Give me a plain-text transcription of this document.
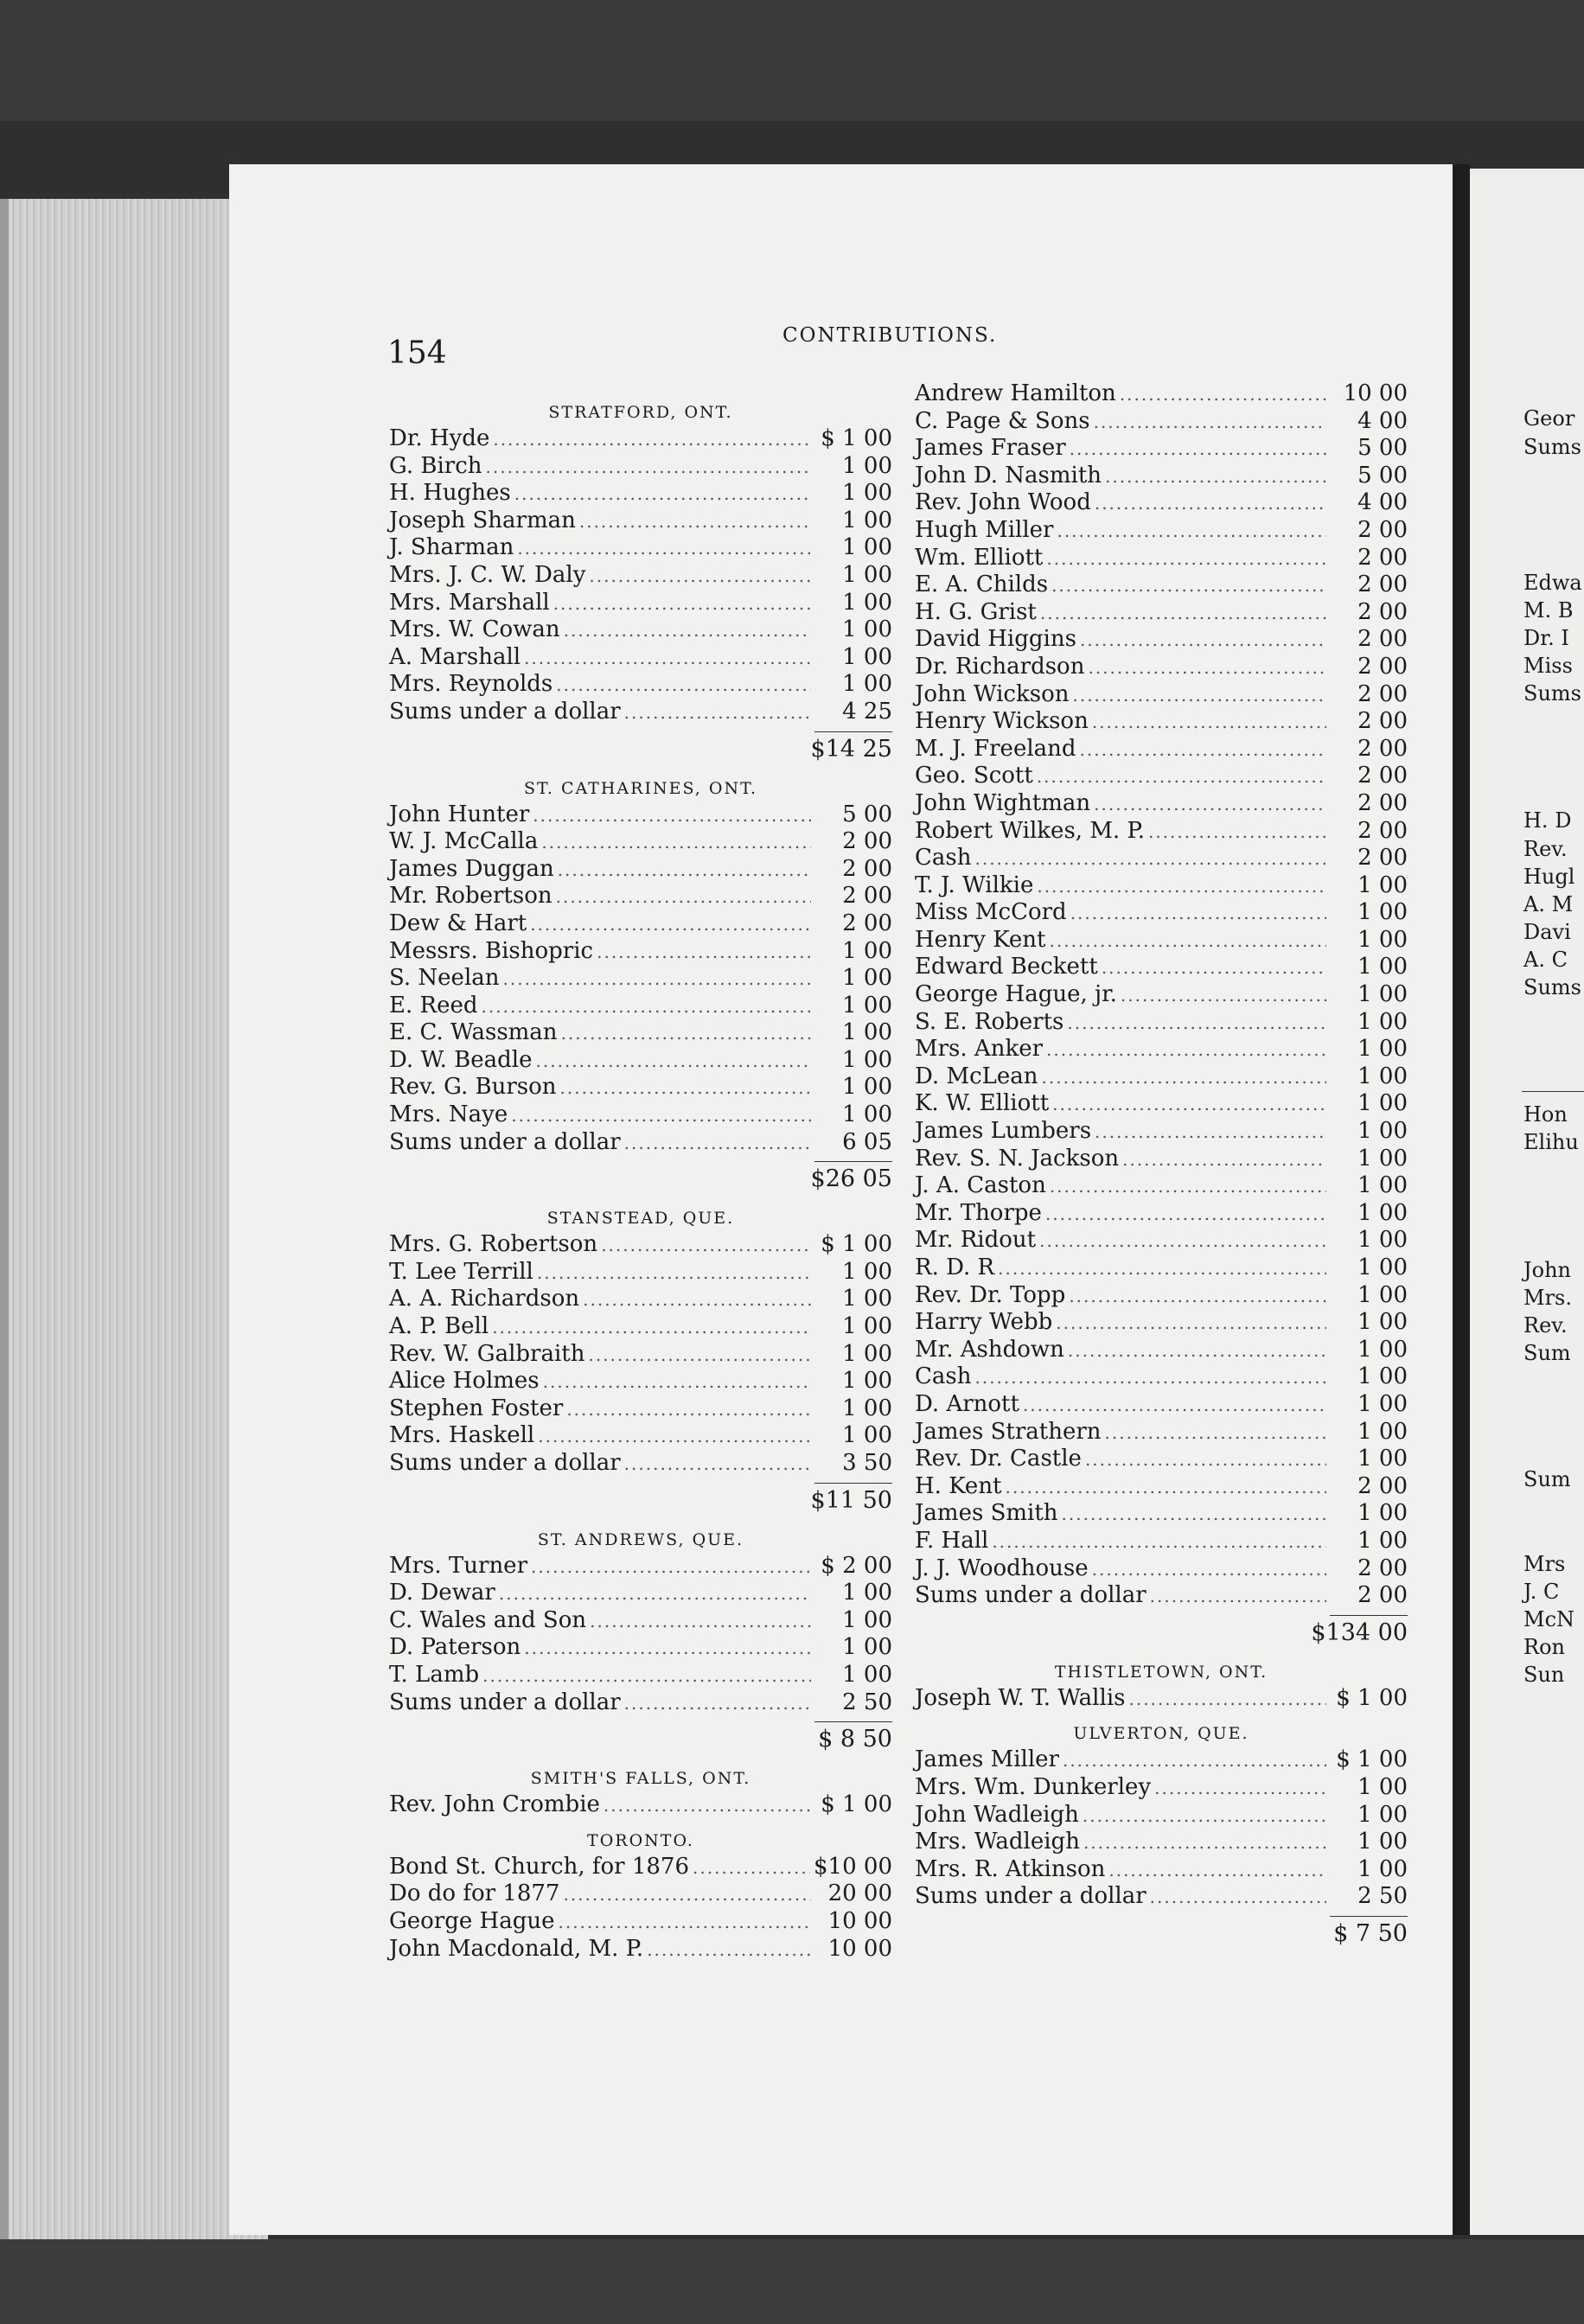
154	CONTRIBUTIONS.
STRATFORD, ONT.
Dr. Hyde .....	$ 1 00
G. Birch .....	1 00
H. Hughes .....	1 00
Joseph Sharman .....	1 00
J. Sharman .....	1 00
Mrs. J. C. W. Daly .....	1 00
Mrs. Marshall .....	1 00
Mrs. W. Cowan .....	1 00
A. Marshall .....	1 00
Mrs. Reynolds .....	1 00
Sums under a dollar .....	4 25
$14 25
ST. CATHARINES, ONT.
John Hunter .....	5 00
W. J. McCalla .....	2 00
James Duggan .....	2 00
Mr. Robertson .....	2 00
Dew & Hart .....	2 00
Messrs. Bishopric .....	1 00
S. Neelan .....	1 00
E. Reed .....	1 00
E. C. Wassman .....	1 00
D. W. Beadle .....	1 00
Rev. G. Burson .....	1 00
Mrs. Naye .....	1 00
Sums under a dollar .....	6 05
$26 05
STANSTEAD, QUE.
Mrs. G. Robertson .....	$ 1 00
T. Lee Terrill .....	1 00
A. A. Richardson .....	1 00
A. P. Bell .....	1 00
Rev. W. Galbraith .....	1 00
Alice Holmes .....	1 00
Stephen Foster .....	1 00
Mrs. Haskell .....	1 00
Sums under a dollar .....	3 50
$11 50
ST. ANDREWS, QUE.
Mrs. Turner .....	$ 2 00
D. Dewar .....	1 00
C. Wales and Son .....	1 00
D. Paterson .....	1 00
T. Lamb .....	1 00
Sums under a dollar .....	2 50
$ 8 50
SMITH'S FALLS, ONT.
Rev. John Crombie .....	$ 1 00
TORONTO.
Bond St. Church, for 1876 .....	$10 00
Do do for 1877 .....	20 00
George Hague .....	10 00
John Macdonald, M. P. .....	10 00
Andrew Hamilton .....	10 00
C. Page & Sons .....	4 00
James Fraser .....	5 00
John D. Nasmith .....	5 00
Rev. John Wood .....	4 00
Hugh Miller .....	2 00
Wm. Elliott .....	2 00
E. A. Childs .....	2 00
H. G. Grist .....	2 00
David Higgins .....	2 00
Dr. Richardson .....	2 00
John Wickson .....	2 00
Henry Wickson .....	2 00
M. J. Freeland .....	2 00
Geo. Scott .....	2 00
John Wightman .....	2 00
Robert Wilkes, M. P. .....	2 00
Cash .....	2 00
T. J. Wilkie .....	1 00
Miss McCord .....	1 00
Henry Kent .....	1 00
Edward Beckett .....	1 00
George Hague, jr. .....	1 00
S. E. Roberts .....	1 00
Mrs. Anker .....	1 00
D. McLean .....	1 00
K. W. Elliott .....	1 00
James Lumbers .....	1 00
Rev. S. N. Jackson .....	1 00
J. A. Caston .....	1 00
Mr. Thorpe .....	1 00
Mr. Ridout .....	1 00
R. D. R .....	1 00
Rev. Dr. Topp .....	1 00
Harry Webb .....	1 00
Mr. Ashdown .....	1 00
Cash .....	1 00
D. Arnott .....	1 00
James Strathern .....	1 00
Rev. Dr. Castle .....	1 00
H. Kent .....	2 00
James Smith .....	1 00
F. Hall .....	1 00
J. J. Woodhouse .....	2 00
Sums under a dollar .....	2 00
$134 00
THISTLETOWN, ONT.
Joseph W. T. Wallis .....	$ 1 00
ULVERTON, QUE.
James Miller .....	$ 1 00
Mrs. Wm. Dunkerley .....	1 00
John Wadleigh .....	1 00
Mrs. Wadleigh .....	1 00
Mrs. R. Atkinson .....	1 00
Sums under a dollar .....	2 50
$ 7 50
Geor
Sums
Edwa
M. B
Dr. I
Miss
Sums
H. D
Rev.
Hugl
A. M
Davi
A. C
Sums
Hon
Elihu
John
Mrs.
Rev.
Sum
Sum
Mrs
J. C
McN
Ron
Sun
